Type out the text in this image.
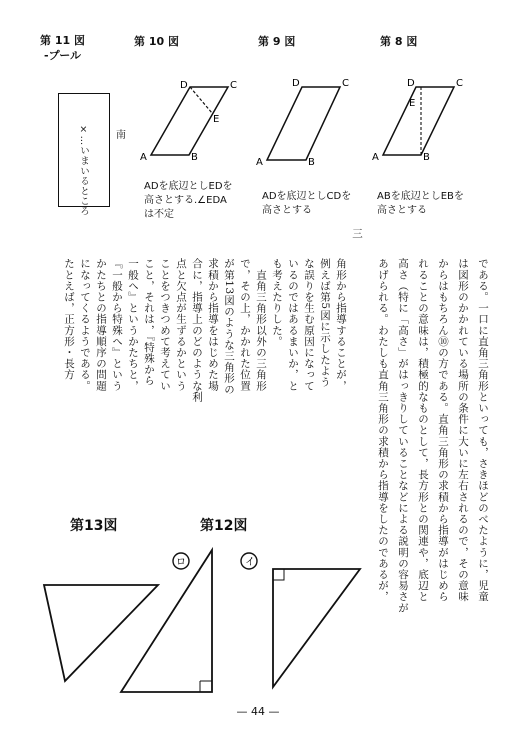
第 11 図
-プール
第 10 図	第 9 図	第 8 図
×…いまいるところ	南
D	C
E
A	B
D	C
A	B
D	C
E
A	B
ADを底辺としEDを
高さとする.∠EDA
は不定
ADを底辺としCDを
高さとする
ABを底辺としEBを
高さとする
である。一口に直角三角形といっても，さきほどのべたように，児童
は図形のかかれている場所の条件に大いに左右されるので，その意味
からはもちろん⑩の方である。直角三角形の求積から指導がはじめら
れることの意味は，積極的なものとして，長方形との関連や，底辺と
高さ（特に「高さ」がはっきりしていることなどによる説明の容易さが
あげられる。わたしも直角三角形の求積から指導をしたのであるが，
三
角形から指導することが，
例えば第5図に示したよう
な誤りを生む原因になって
いるのではあるまいか，と
も考えたりした。
　直角三角形以外の三角形
で，その上，かかれた位置
が第13図のような三角形の
求積から指導をはじめた場
合に，指導上のどのような利
点と欠点が生ずるかという
ことをつきつめて考えてい
こと，それは，『特殊から
一般へ』というかたちと，
『一般から特殊へ』という
かたちとの指導順序の問題
になってくるようである。
たとえば，正方形・長方
第13図	第12図
ロ	イ
— 44 —
